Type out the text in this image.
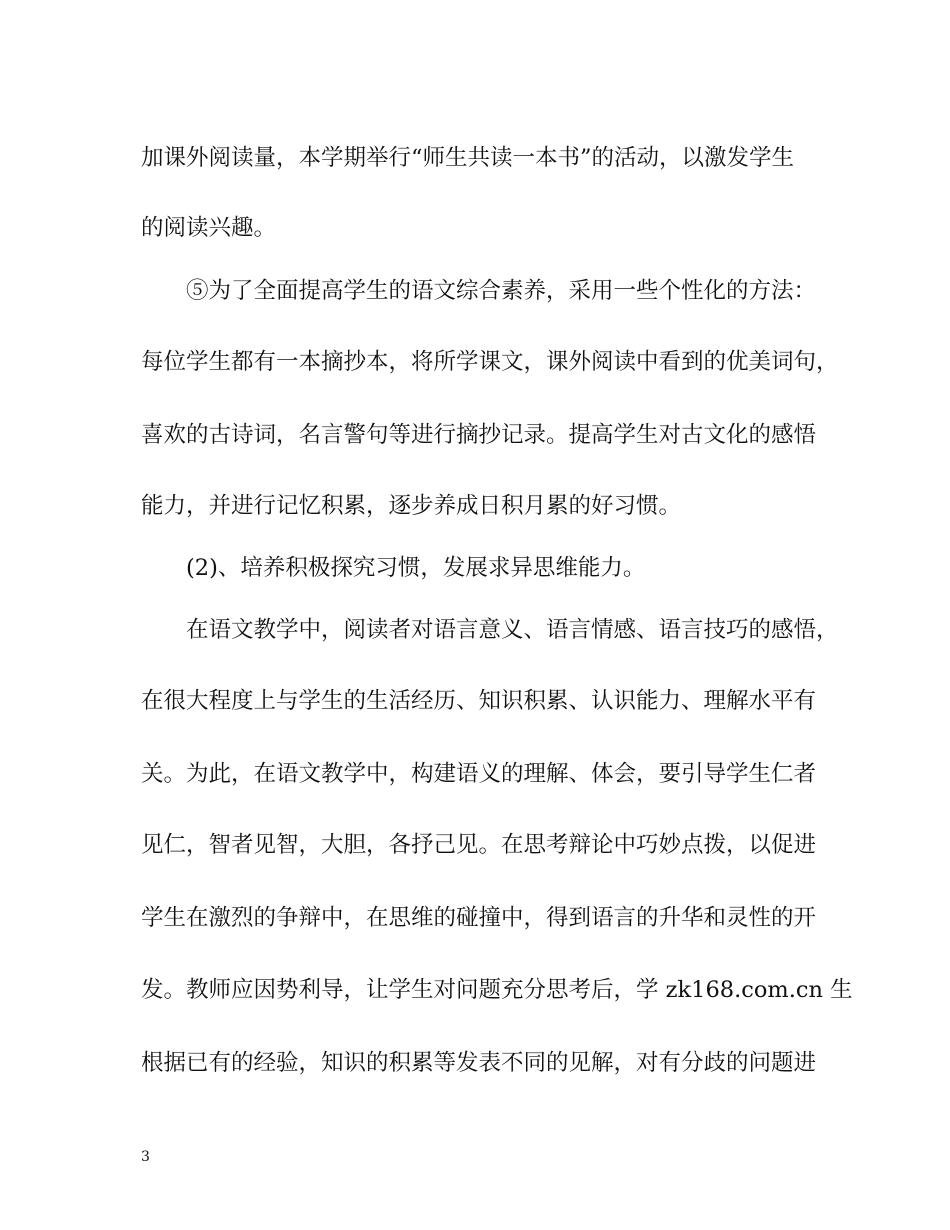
加课外阅读量，本学期举行“师生共读一本书”的活动，以激发学生
的阅读兴趣。
⑤为了全面提高学生的语文综合素养，采用一些个性化的方法：
每位学生都有一本摘抄本，将所学课文，课外阅读中看到的优美词句，
喜欢的古诗词，名言警句等进行摘抄记录。提高学生对古文化的感悟
能力，并进行记忆积累，逐步养成日积月累的好习惯。
(2)、培养积极探究习惯，发展求异思维能力。
在语文教学中，阅读者对语言意义、语言情感、语言技巧的感悟，
在很大程度上与学生的生活经历、知识积累、认识能力、理解水平有
关。为此，在语文教学中，构建语义的理解、体会，要引导学生仁者
见仁，智者见智，大胆，各抒己见。在思考辩论中巧妙点拨，以促进
学生在激烈的争辩中，在思维的碰撞中，得到语言的升华和灵性的开
发。教师应因势利导，让学生对问题充分思考后，学 zk168.com.cn 生
根据已有的经验，知识的积累等发表不同的见解，对有分歧的问题进
3
